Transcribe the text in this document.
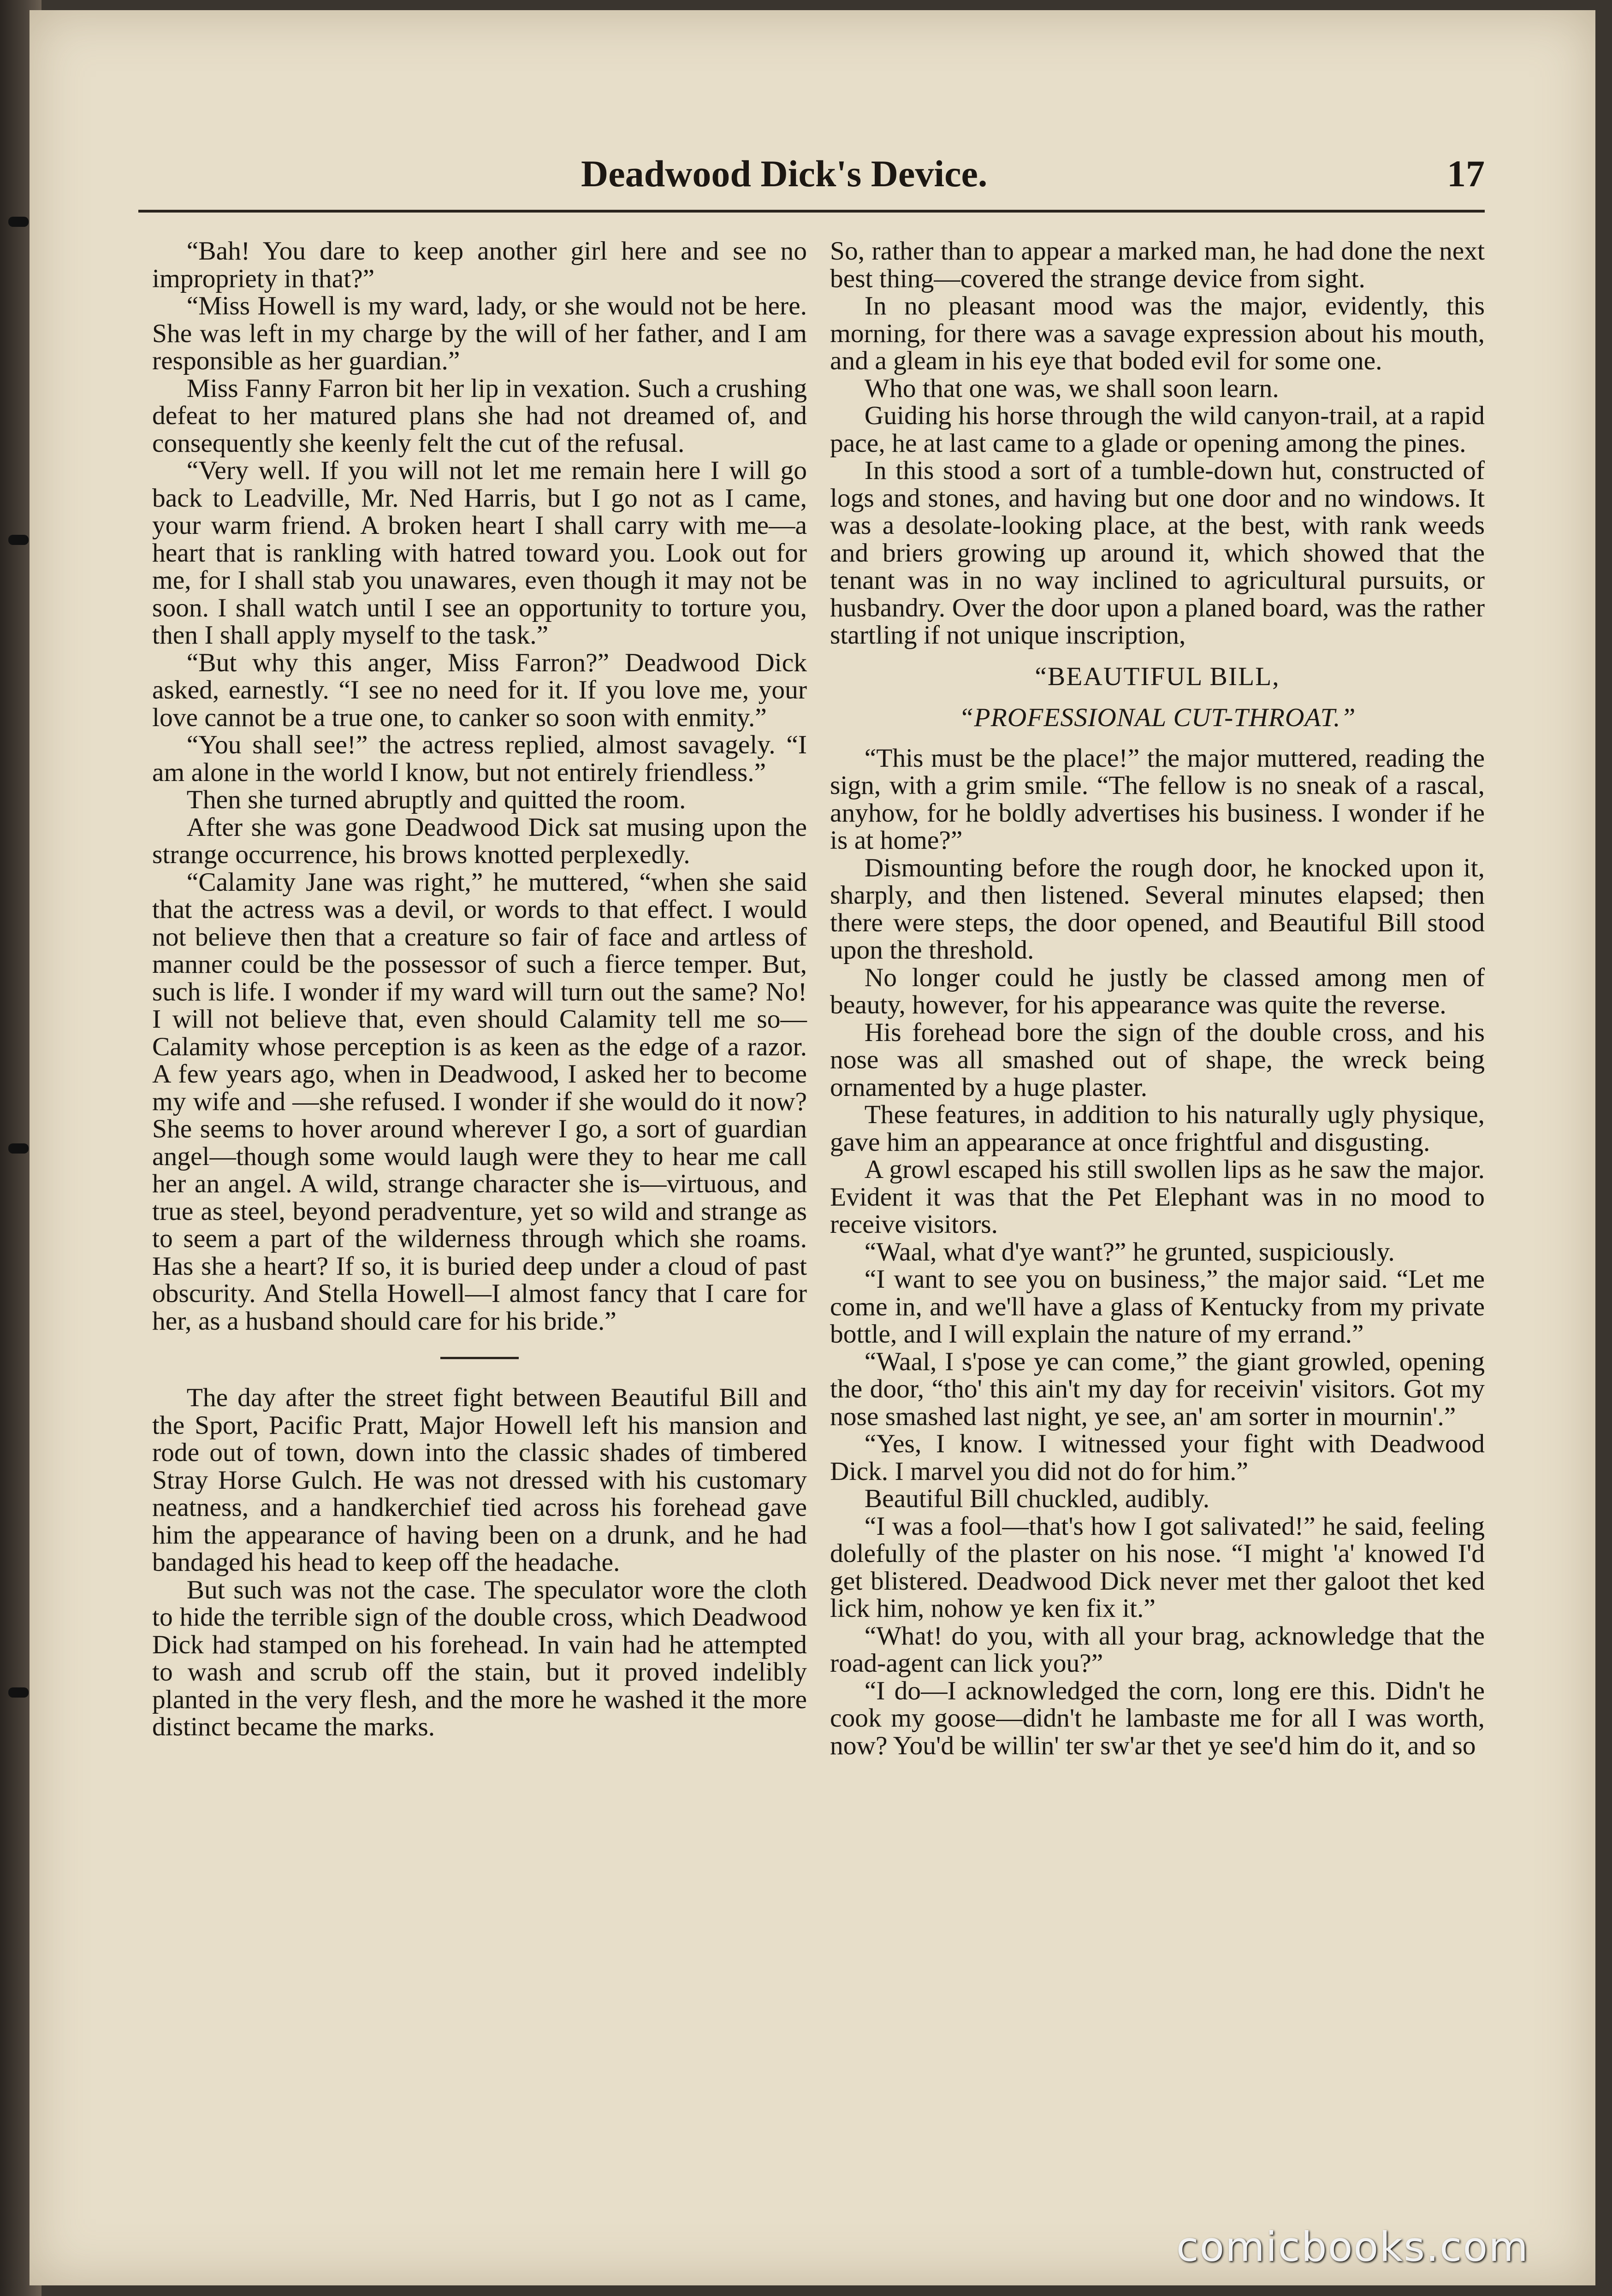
Deadwood Dick's Device.	17

“Bah! You dare to keep another girl here and see no impropriety in that?”

“Miss Howell is my ward, lady, or she would not be here. She was left in my charge by the will of her father, and I am responsible as her guardian.”

Miss Fanny Farron bit her lip in vexation. Such a crushing defeat to her matured plans she had not dreamed of, and consequently she keenly felt the cut of the refusal.

“Very well. If you will not let me remain here I will go back to Leadville, Mr. Ned Harris, but I go not as I came, your warm friend. A broken heart I shall carry with me—a heart that is rankling with hatred toward you. Look out for me, for I shall stab you unawares, even though it may not be soon. I shall watch until I see an opportunity to torture you, then I shall apply myself to the task.”

“But why this anger, Miss Farron?” Deadwood Dick asked, earnestly. “I see no need for it. If you love me, your love cannot be a true one, to canker so soon with enmity.”

“You shall see!” the actress replied, almost savagely. “I am alone in the world I know, but not entirely friendless.”

Then she turned abruptly and quitted the room.

After she was gone Deadwood Dick sat musing upon the strange occurrence, his brows knotted perplexedly.

“Calamity Jane was right,” he muttered, “when she said that the actress was a devil, or words to that effect. I would not believe then that a creature so fair of face and artless of manner could be the possessor of such a fierce temper. But, such is life. I wonder if my ward will turn out the same? No! I will not believe that, even should Calamity tell me so—Calamity whose perception is as keen as the edge of a razor. A few years ago, when in Deadwood, I asked her to become my wife and —she refused. I wonder if she would do it now? She seems to hover around wherever I go, a sort of guardian angel—though some would laugh were they to hear me call her an angel. A wild, strange character she is—virtuous, and true as steel, beyond peradventure, yet so wild and strange as to seem a part of the wilderness through which she roams. Has she a heart? If so, it is buried deep under a cloud of past obscurity. And Stella Howell—I almost fancy that I care for her, as a husband should care for his bride.”

The day after the street fight between Beautiful Bill and the Sport, Pacific Pratt, Major Howell left his mansion and rode out of town, down into the classic shades of timbered Stray Horse Gulch. He was not dressed with his customary neatness, and a handkerchief tied across his forehead gave him the appearance of having been on a drunk, and he had bandaged his head to keep off the headache.

But such was not the case. The speculator wore the cloth to hide the terrible sign of the double cross, which Deadwood Dick had stamped on his forehead. In vain had he attempted to wash and scrub off the stain, but it proved indelibly planted in the very flesh, and the more he washed it the more distinct became the marks.

So, rather than to appear a marked man, he had done the next best thing—covered the strange device from sight.

In no pleasant mood was the major, evidently, this morning, for there was a savage expression about his mouth, and a gleam in his eye that boded evil for some one.

Who that one was, we shall soon learn.

Guiding his horse through the wild canyon-trail, at a rapid pace, he at last came to a glade or opening among the pines.

In this stood a sort of a tumble-down hut, constructed of logs and stones, and having but one door and no windows. It was a desolate-looking place, at the best, with rank weeds and briers growing up around it, which showed that the tenant was in no way inclined to agricultural pursuits, or husbandry. Over the door upon a planed board, was the rather startling if not unique inscription,

“BEAUTIFUL BILL,

“PROFESSIONAL CUT-THROAT.”

“This must be the place!” the major muttered, reading the sign, with a grim smile. “The fellow is no sneak of a rascal, anyhow, for he boldly advertises his business. I wonder if he is at home?”

Dismounting before the rough door, he knocked upon it, sharply, and then listened. Several minutes elapsed; then there were steps, the door opened, and Beautiful Bill stood upon the threshold.

No longer could he justly be classed among men of beauty, however, for his appearance was quite the reverse.

His forehead bore the sign of the double cross, and his nose was all smashed out of shape, the wreck being ornamented by a huge plaster.

These features, in addition to his naturally ugly physique, gave him an appearance at once frightful and disgusting.

A growl escaped his still swollen lips as he saw the major. Evident it was that the Pet Elephant was in no mood to receive visitors.

“Waal, what d'ye want?” he grunted, suspiciously.

“I want to see you on business,” the major said. “Let me come in, and we'll have a glass of Kentucky from my private bottle, and I will explain the nature of my errand.”

“Waal, I s'pose ye can come,” the giant growled, opening the door, “tho' this ain't my day for receivin' visitors. Got my nose smashed last night, ye see, an' am sorter in mournin'.”

“Yes, I know. I witnessed your fight with Deadwood Dick. I marvel you did not do for him.”

Beautiful Bill chuckled, audibly.

“I was a fool—that's how I got salivated!” he said, feeling dolefully of the plaster on his nose. “I might 'a' knowed I'd get blistered. Deadwood Dick never met ther galoot thet ked lick him, nohow ye ken fix it.”

“What! do you, with all your brag, acknowledge that the road-agent can lick you?”

“I do—I acknowledged the corn, long ere this. Didn't he cook my goose—didn't he lambaste me for all I was worth, now? You'd be willin' ter sw'ar thet ye see'd him do it, and so

comicbooks.com
